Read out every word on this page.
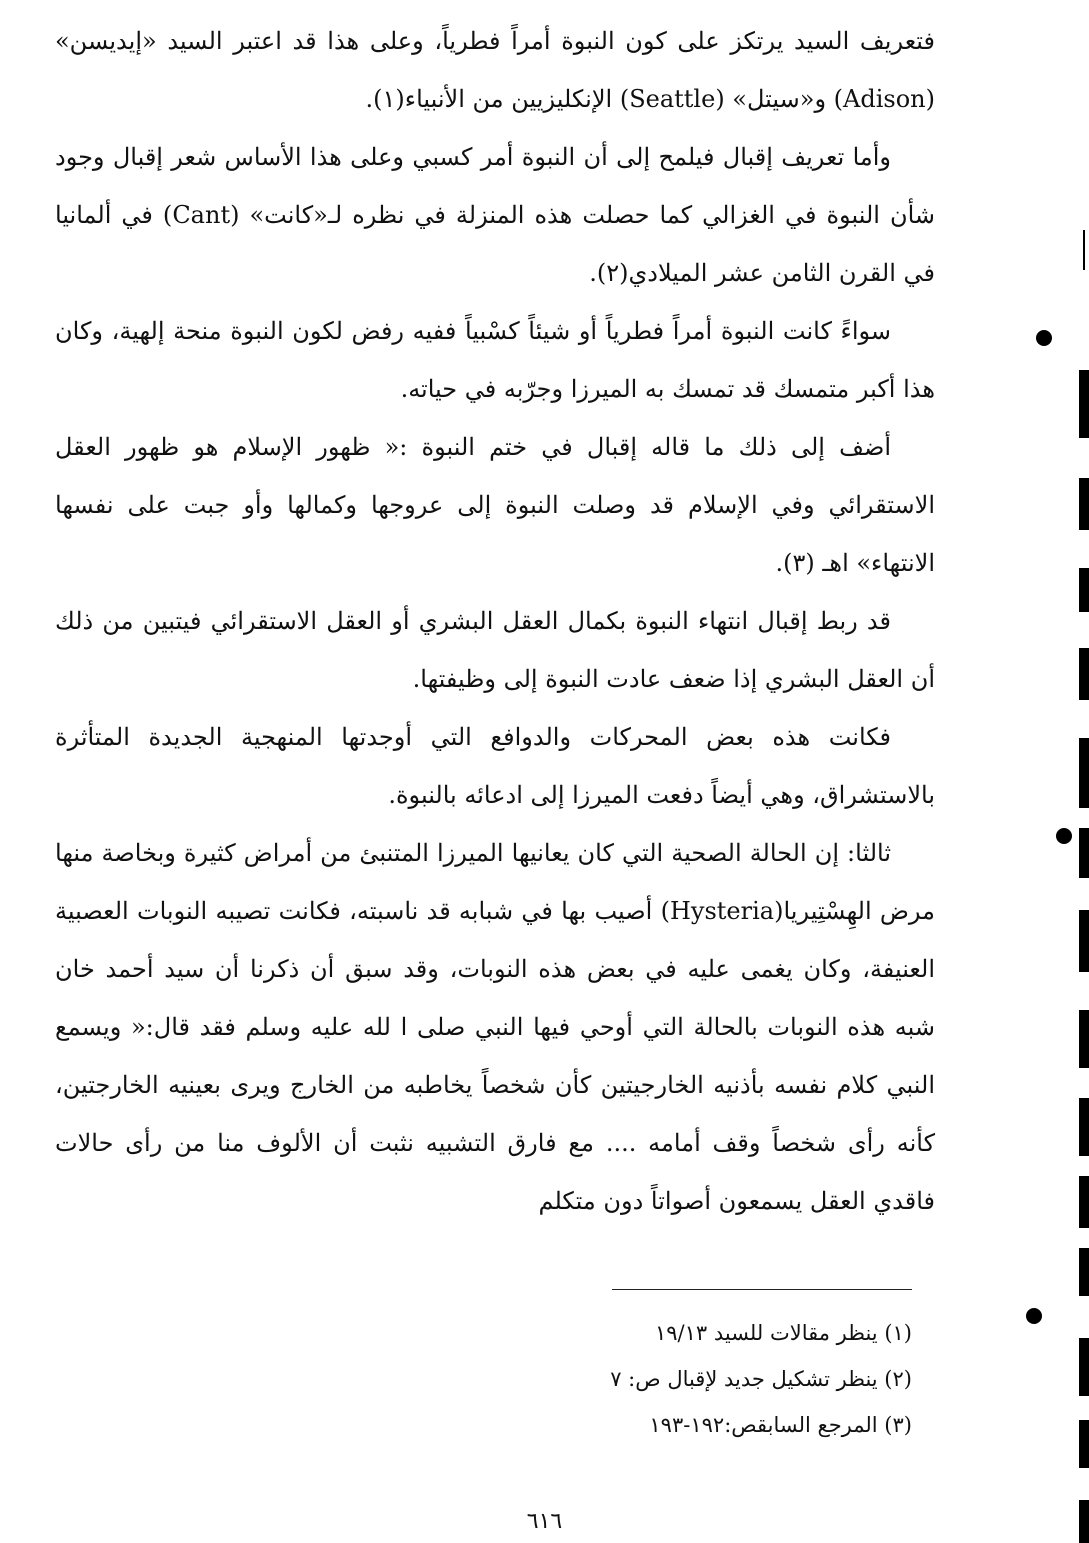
فتعريف السيد يرتكز على كون النبوة أمراً فطرياً، وعلى هذا قد اعتبر السيد «إيديسن» (Adison) و«سيتل» (Seattle) الإنكليزيين من الأنبياء(١).

وأما تعريف إقبال فيلمح إلى أن النبوة أمر كسبي وعلى هذا الأساس شعر إقبال وجود شأن النبوة في الغزالي كما حصلت هذه المنزلة في نظره لـ«كانت» (Cant) في ألمانيا في القرن الثامن عشر الميلادي(٢).

سواءً كانت النبوة أمراً فطرياً أو شيئاً كسْبياً ففيه رفض لكون النبوة منحة إلهية، وكان هذا أكبر متمسك قد تمسك به الميرزا وجرّبه في حياته.

أضف إلى ذلك ما قاله إقبال في ختم النبوة :« ظهور الإسلام هو ظهور العقل الاستقرائي وفي الإسلام قد وصلت النبوة إلى عروجها وكمالها وأو جبت على نفسها الانتهاء» اهـ (٣).

قد ربط إقبال انتهاء النبوة بكمال العقل البشري أو العقل الاستقرائي فيتبين من ذلك أن العقل البشري إذا ضعف عادت النبوة إلى وظيفتها.

فكانت هذه بعض المحركات والدوافع التي أوجدتها المنهجية الجديدة المتأثرة بالاستشراق، وهي أيضاً دفعت الميرزا إلى ادعائه بالنبوة.

ثالثا: إن الحالة الصحية التي كان يعانيها الميرزا المتنبئ من أمراض كثيرة وبخاصة منها مرض الهِسْتِيريا(Hysteria) أصيب بها في شبابه قد ناسبته، فكانت تصيبه النوبات العصبية العنيفة، وكان يغمى عليه في بعض هذه النوبات، وقد سبق أن ذكرنا أن سيد أحمد خان شبه هذه النوبات بالحالة التي أوحي فيها النبي صلى ا لله عليه وسلم فقد قال:« ويسمع النبي كلام نفسه بأذنيه الخارجيتين كأن شخصاً يخاطبه من الخارج ويرى بعينيه الخارجتين، كأنه رأى شخصاً وقف أمامه .... مع فارق التشبيه نثبت أن الألوف منا من رأى حالات فاقدي العقل يسمعون أصواتاً دون متكلم

(١) ينظر مقالات للسيد ١٩/١٣

(٢) ينظر تشكيل جديد لإقبال ص: ٧

(٣) المرجع السابقص:١٩٢-١٩٣

٦١٦
